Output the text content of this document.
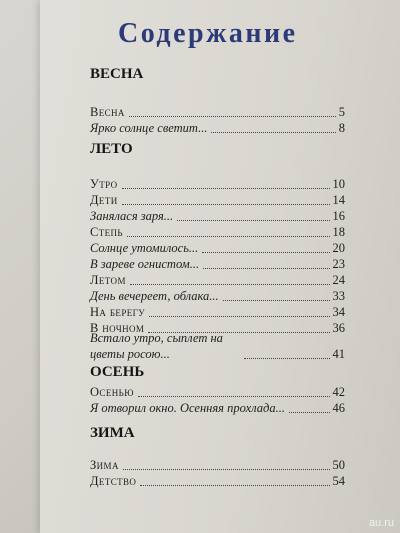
Содержание
ВЕСНА
Весна	5
Ярко солнце светит...	8
ЛЕТО
Утро	10
Дети	14
Занялася заря...	16
Степь	18
Солнце утомилось...	20
В зареве огнистом...	23
Летом	24
День вечереет, облака...	33
На берегу	34
В ночном	36
Встало утро, сыплет на цветы росою...	41
ОСЕНЬ
Осенью	42
Я отворил окно. Осенняя прохлада...	46
ЗИМА
Зима	50
Детство	54
au.ru
